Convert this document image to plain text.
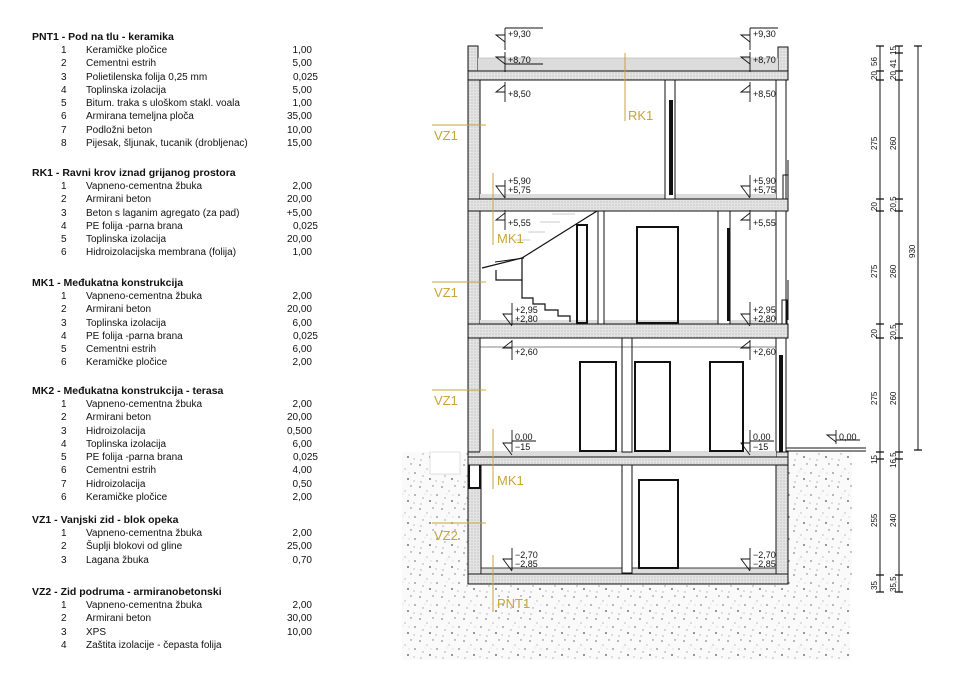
PNT1 - Pod na tlu - keramika
1 Keramičke pločice	1,00
2 Cementni estrih	5,00
3 Polietilenska folija 0,25 mm	0,025
4 Toplinska izolacija	5,00
5 Bitum. traka s uloškom stakl. voala	1,00
6 Armirana temeljna ploča	35,00
7 Podložni beton	10,00
8 Pijesak, šljunak, tucanik (drobljenac)	15,00
RK1 - Ravni krov iznad grijanog prostora
1 Vapneno-cementna žbuka	2,00
2 Armirani beton	20,00
3 Beton s laganim agregato (za pad)	+5,00
4 PE folija -parna brana	0,025
5 Toplinska izolacija	20,00
6 Hidroizolacijska membrana (folija)	1,00
MK1 - Međukatna konstrukcija
1 Vapneno-cementna žbuka	2,00
2 Armirani beton	20,00
3 Toplinska izolacija	6,00
4 PE folija -parna brana	0,025
5 Cementni estrih	6,00
6 Keramičke pločice	2,00
MK2 - Međukatna konstrukcija - terasa
1 Vapneno-cementna žbuka	2,00
2 Armirani beton	20,00
3 Hidroizolacija	0,500
4 Toplinska izolacija	6,00
5 PE folija -parna brana	0,025
6 Cementni estrih	4,00
7 Hidroizolacija	0,50
6 Keramičke pločice	2,00
VZ1 - Vanjski zid - blok opeka
1 Vapneno-cementna žbuka	2,00
2 Šuplji blokovi od gline	25,00
3 Lagana žbuka	0,70
VZ2 - Zid podruma - armiranobetonski
1 Vapneno-cementna žbuka	2,00
2 Armirani beton	30,00
3 XPS	10,00
4 Zaštita izolacije - čepasta folija
+9,30
+8,70
+8,50
+5,90
+5,75
+5,55
+2,95
+2,80
+2,60
0,00
−15
−2,70
−2,85
+9,30
+8,70
+8,50
+5,90
+5,75
+5,55
+2,95
+2,80
+2,60
0,00
−15
−2,70
−2,85
0,00
RK1
VZ1
MK1
VZ1
VZ1
MK1
VZ2
PNT1
56
20
275
20
275
20
275
15
255
35
15
41
20
260
20,5
260
20,5
260
16,5
240
35,5
930
